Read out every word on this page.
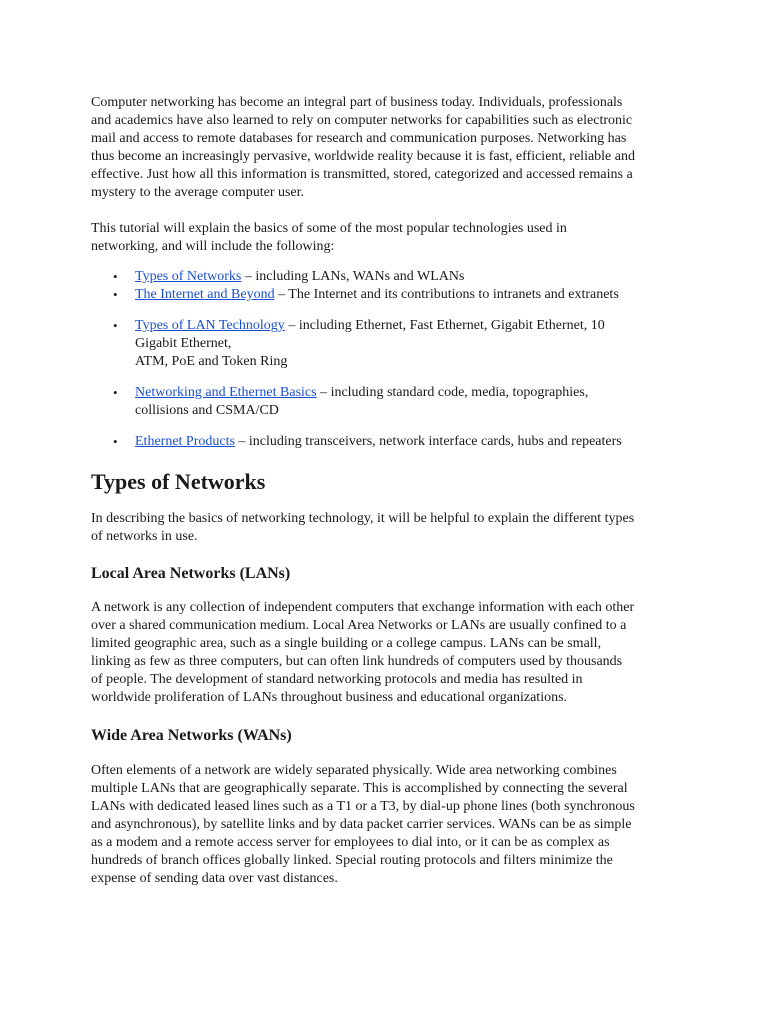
Computer networking has become an integral part of business today. Individuals, professionals
and academics have also learned to rely on computer networks for capabilities such as electronic
mail and access to remote databases for research and communication purposes. Networking has
thus become an increasingly pervasive, worldwide reality because it is fast, efficient, reliable and
effective. Just how all this information is transmitted, stored, categorized and accessed remains a
mystery to the average computer user.

This tutorial will explain the basics of some of the most popular technologies used in
networking, and will include the following:

• Types of Networks – including LANs, WANs and WLANs
• The Internet and Beyond – The Internet and its contributions to intranets and extranets
• Types of LAN Technology – including Ethernet, Fast Ethernet, Gigabit Ethernet, 10
Gigabit Ethernet,
ATM, PoE and Token Ring
• Networking and Ethernet Basics – including standard code, media, topographies,
collisions and CSMA/CD
• Ethernet Products – including transceivers, network interface cards, hubs and repeaters
Types of Networks

In describing the basics of networking technology, it will be helpful to explain the different types
of networks in use.

Local Area Networks (LANs)

A network is any collection of independent computers that exchange information with each other
over a shared communication medium. Local Area Networks or LANs are usually confined to a
limited geographic area, such as a single building or a college campus. LANs can be small,
linking as few as three computers, but can often link hundreds of computers used by thousands
of people. The development of standard networking protocols and media has resulted in
worldwide proliferation of LANs throughout business and educational organizations.

Wide Area Networks (WANs)

Often elements of a network are widely separated physically. Wide area networking combines
multiple LANs that are geographically separate. This is accomplished by connecting the several
LANs with dedicated leased lines such as a T1 or a T3, by dial-up phone lines (both synchronous
and asynchronous), by satellite links and by data packet carrier services. WANs can be as simple
as a modem and a remote access server for employees to dial into, or it can be as complex as
hundreds of branch offices globally linked. Special routing protocols and filters minimize the
expense of sending data over vast distances.
